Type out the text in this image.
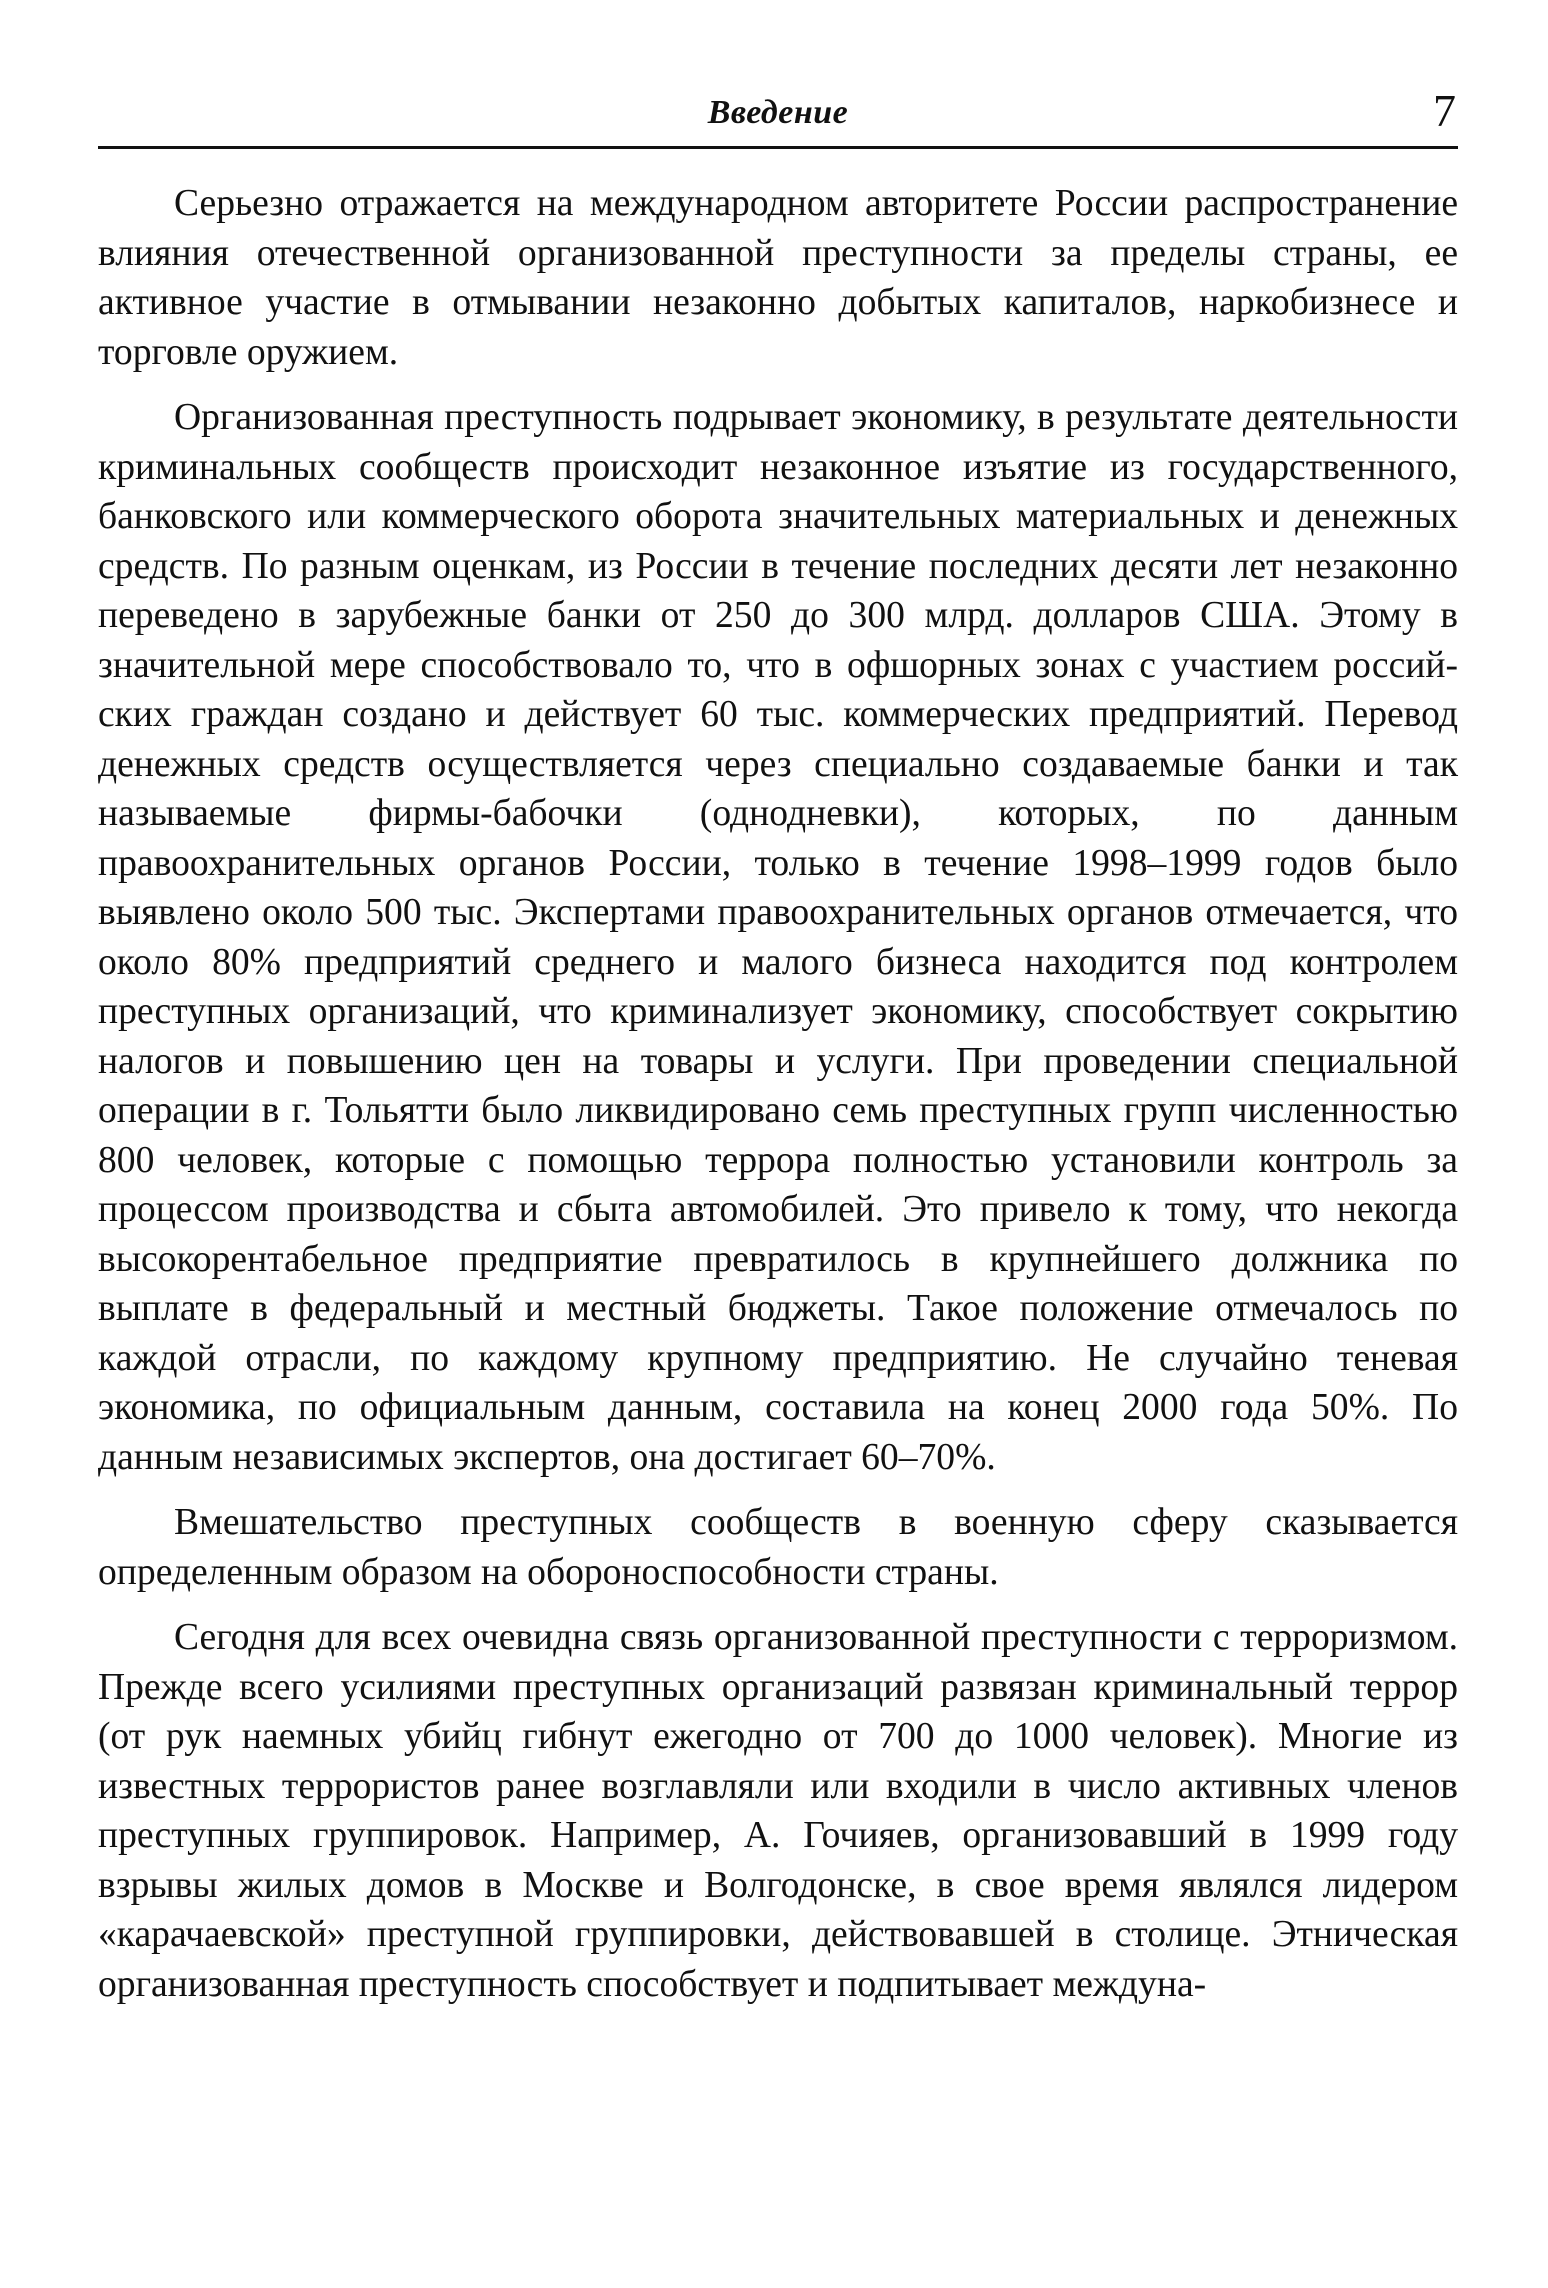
Введение	7

Серьезно отражается на международном авторитете России распространение влияния отечественной организованной преступности за пределы страны, ее активное участие в отмывании незаконно добытых капиталов, наркобизнесе и торговле оружием.

Организованная преступность подрывает экономику, в результате деятельности криминальных сообществ происходит незаконное изъятие из государственного, банковского или коммерческого оборота значительных материальных и денежных средств. По разным оценкам, из России в течение последних десяти лет незаконно переведено в зарубежные банки от 250 до 300 млрд. долларов США. Этому в значительной мере способствовало то, что в офшорных зонах с участием российских граждан создано и действует 60 тыс. коммерческих предприятий. Перевод денежных средств осуществляется через специально создаваемые банки и так называемые фирмы-бабочки (однодневки), которых, по данным правоохранительных органов России, только в течение 1998–1999 годов было выявлено около 500 тыс. Экспертами правоохранительных органов отмечается, что около 80% предприятий среднего и малого бизнеса находится под контролем преступных организаций, что криминализует экономику, способствует сокрытию налогов и повышению цен на товары и услуги. При проведении специальной операции в г. Тольятти было ликвидировано семь преступных групп численностью 800 человек, которые с помощью террора полностью установили контроль за процессом производства и сбыта автомобилей. Это привело к тому, что некогда высокорентабельное предприятие превратилось в крупнейшего должника по выплате в федеральный и местный бюджеты. Такое положение отмечалось по каждой отрасли, по каждому крупному предприятию. Не случайно теневая экономика, по официальным данным, составила на конец 2000 года 50%. По данным независимых экспертов, она достигает 60–70%.

Вмешательство преступных сообществ в военную сферу сказывается определенным образом на обороноспособности страны.

Сегодня для всех очевидна связь организованной преступности с терроризмом. Прежде всего усилиями преступных организаций развязан криминальный террор (от рук наемных убийц гибнут ежегодно от 700 до 1000 человек). Многие из известных террористов ранее возглавляли или входили в число активных членов преступных группировок. Например, А. Гочияев, организовавший в 1999 году взрывы жилых домов в Москве и Волгодонске, в свое время являлся лидером «карачаевской» преступной группировки, действовавшей в столице. Этническая организованная преступность способствует и подпитывает междуна-
